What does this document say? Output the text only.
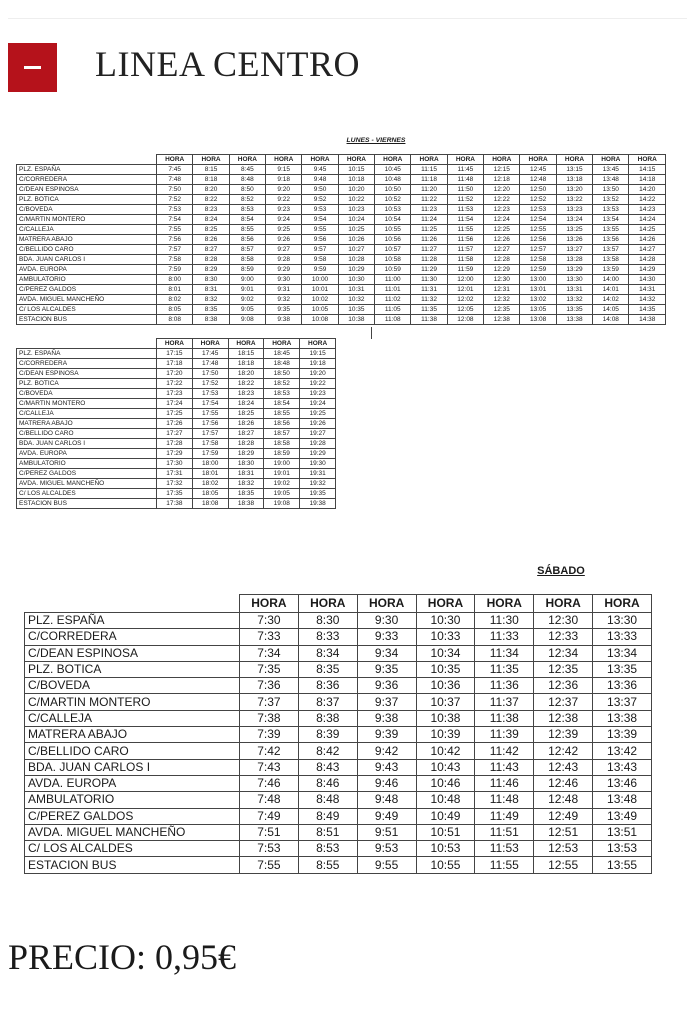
LINEA CENTRO
LUNES - VIERNES
	HORA	HORA	HORA	HORA	HORA	HORA	HORA	HORA	HORA	HORA	HORA	HORA	HORA	HORA
PLZ. ESPAÑA	7:45	8:15	8:45	9:15	9:45	10:15	10:45	11:15	11:45	12:15	12:45	13:15	13:45	14:15
C/CORREDERA	7:48	8:18	8:48	9:18	9:48	10:18	10:48	11:18	11:48	12:18	12:48	13:18	13:48	14:18
C/DEAN ESPINOSA	7:50	8:20	8:50	9:20	9:50	10:20	10:50	11:20	11:50	12:20	12:50	13:20	13:50	14:20
PLZ. BOTICA	7:52	8:22	8:52	9:22	9:52	10:22	10:52	11:22	11:52	12:22	12:52	13:22	13:52	14:22
C/BOVEDA	7:53	8:23	8:53	9:23	9:53	10:23	10:53	11:23	11:53	12:23	12:53	13:23	13:53	14:23
C/MARTIN MONTERO	7:54	8:24	8:54	9:24	9:54	10:24	10:54	11:24	11:54	12:24	12:54	13:24	13:54	14:24
C/CALLEJA	7:55	8:25	8:55	9:25	9:55	10:25	10:55	11:25	11:55	12:25	12:55	13:25	13:55	14:25
MATRERA ABAJO	7:56	8:26	8:56	9:26	9:56	10:26	10:56	11:26	11:56	12:26	12:56	13:26	13:56	14:26
C/BELLIDO CARO	7:57	8:27	8:57	9:27	9:57	10:27	10:57	11:27	11:57	12:27	12:57	13:27	13:57	14:27
BDA. JUAN CARLOS I	7:58	8:28	8:58	9:28	9:58	10:28	10:58	11:28	11:58	12:28	12:58	13:28	13:58	14:28
AVDA. EUROPA	7:59	8:29	8:59	9:29	9:59	10:29	10:59	11:29	11:59	12:29	12:59	13:29	13:59	14:29
AMBULATORIO	8:00	8:30	9:00	9:30	10:00	10:30	11:00	11:30	12:00	12:30	13:00	13:30	14:00	14:30
C/PEREZ GALDOS	8:01	8:31	9:01	9:31	10:01	10:31	11:01	11:31	12:01	12:31	13:01	13:31	14:01	14:31
AVDA. MIGUEL MANCHEÑO	8:02	8:32	9:02	9:32	10:02	10:32	11:02	11:32	12:02	12:32	13:02	13:32	14:02	14:32
C/ LOS ALCALDES	8:05	8:35	9:05	9:35	10:05	10:35	11:05	11:35	12:05	12:35	13:05	13:35	14:05	14:35
ESTACION BUS	8:08	8:38	9:08	9:38	10:08	10:38	11:08	11:38	12:08	12:38	13:08	13:38	14:08	14:38
	HORA	HORA	HORA	HORA	HORA
PLZ. ESPAÑA	17:15	17:45	18:15	18:45	19:15
C/CORREDERA	17:18	17:48	18:18	18:48	19:18
C/DEAN ESPINOSA	17:20	17:50	18:20	18:50	19:20
PLZ. BOTICA	17:22	17:52	18:22	18:52	19:22
C/BOVEDA	17:23	17:53	18:23	18:53	19:23
C/MARTIN MONTERO	17:24	17:54	18:24	18:54	19:24
C/CALLEJA	17:25	17:55	18:25	18:55	19:25
MATRERA ABAJO	17:26	17:56	18:26	18:56	19:26
C/BELLIDO CARO	17:27	17:57	18:27	18:57	19:27
BDA. JUAN CARLOS I	17:28	17:58	18:28	18:58	19:28
AVDA. EUROPA	17:29	17:59	18:29	18:59	19:29
AMBULATORIO	17:30	18:00	18:30	19:00	19:30
C/PEREZ GALDOS	17:31	18:01	18:31	19:01	19:31
AVDA. MIGUEL MANCHEÑO	17:32	18:02	18:32	19:02	19:32
C/ LOS ALCALDES	17:35	18:05	18:35	19:05	19:35
ESTACION BUS	17:38	18:08	18:38	19:08	19:38
SÁBADO
	HORA	HORA	HORA	HORA	HORA	HORA	HORA
PLZ. ESPAÑA	7:30	8:30	9:30	10:30	11:30	12:30	13:30
C/CORREDERA	7:33	8:33	9:33	10:33	11:33	12:33	13:33
C/DEAN ESPINOSA	7:34	8:34	9:34	10:34	11:34	12:34	13:34
PLZ. BOTICA	7:35	8:35	9:35	10:35	11:35	12:35	13:35
C/BOVEDA	7:36	8:36	9:36	10:36	11:36	12:36	13:36
C/MARTIN MONTERO	7:37	8:37	9:37	10:37	11:37	12:37	13:37
C/CALLEJA	7:38	8:38	9:38	10:38	11:38	12:38	13:38
MATRERA ABAJO	7:39	8:39	9:39	10:39	11:39	12:39	13:39
C/BELLIDO CARO	7:42	8:42	9:42	10:42	11:42	12:42	13:42
BDA. JUAN CARLOS I	7:43	8:43	9:43	10:43	11:43	12:43	13:43
AVDA. EUROPA	7:46	8:46	9:46	10:46	11:46	12:46	13:46
AMBULATORIO	7:48	8:48	9:48	10:48	11:48	12:48	13:48
C/PEREZ GALDOS	7:49	8:49	9:49	10:49	11:49	12:49	13:49
AVDA. MIGUEL MANCHEÑO	7:51	8:51	9:51	10:51	11:51	12:51	13:51
C/ LOS ALCALDES	7:53	8:53	9:53	10:53	11:53	12:53	13:53
ESTACION BUS	7:55	8:55	9:55	10:55	11:55	12:55	13:55
PRECIO: 0,95€
